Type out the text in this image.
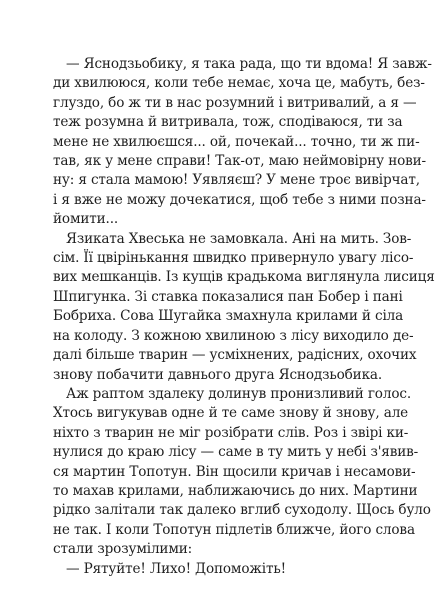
— Яснодзьобику, я така рада, що ти вдома! Я завж-
ди хвилююся, коли тебе немає, хоча це, мабуть, без-
глуздо, бо ж ти в нас розумний і витривалий, а я —
теж розумна й витривала, тож, сподіваюся, ти за
мене не хвилюєшся... ой, почекай... точно, ти ж пи-
тав, як у мене справи! Так-от, маю неймовірну нови-
ну: я стала мамою! Уявляєш? У мене троє вивірчат,
і я вже не можу дочекатися, щоб тебе з ними позна-
йомити...
Язиката Хвеська не замовкала. Ані на мить. Зов-
сім. Її цвірінькання швидко привернуло увагу лісо-
вих мешканців. Із кущів крадькома виглянула лисиця
Шпигунка. Зі ставка показалися пан Бобер і пані
Бобриха. Сова Шугайка змахнула крилами й сіла
на колоду. З кожною хвилиною з лісу виходило де-
далі більше тварин — усміхнених, радісних, охочих
знову побачити давнього друга Яснодзьобика.
Аж раптом здалеку долинув пронизливий голос.
Хтось вигукував одне й те саме знову й знову, але
ніхто з тварин не міг розібрати слів. Роз і звірі ки-
нулися до краю лісу — саме в ту мить у небі з'явив-
ся мартин Топотун. Він щосили кричав і несамови-
то махав крилами, наближаючись до них. Мартини
рідко залітали так далеко вглиб суходолу. Щось було
не так. І коли Топотун підлетів ближче, його слова
стали зрозумілими:
— Рятуйте! Лихо! Допоможіть!
